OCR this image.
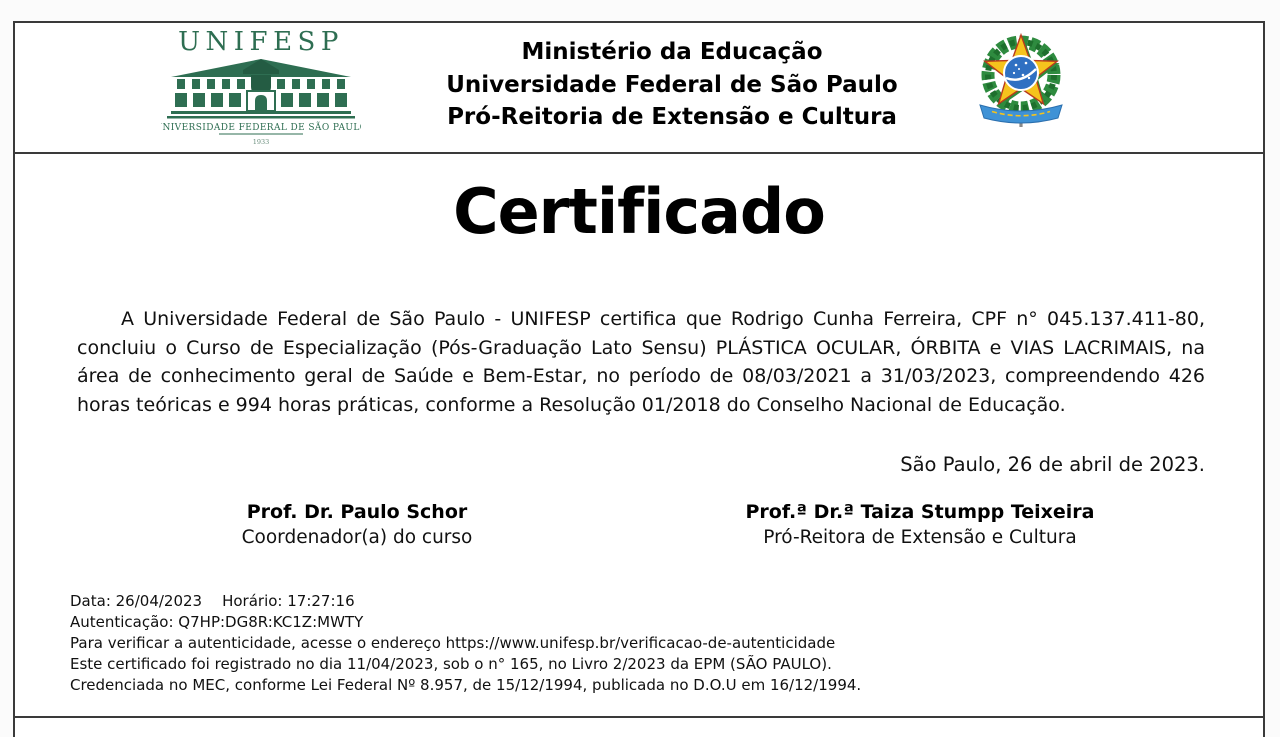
UNIFESP
UNIVERSIDADE FEDERAL DE SÃO PAULO
1933
Ministério da Educação
Universidade Federal de São Paulo
Pró-Reitoria de Extensão e Cultura
Certificado

A Universidade Federal de São Paulo - UNIFESP certifica que Rodrigo Cunha Ferreira, CPF n° 045.137.411-80, concluiu o Curso de Especialização (Pós-Graduação Lato Sensu) PLÁSTICA OCULAR, ÓRBITA e VIAS LACRIMAIS, na área de conhecimento geral de Saúde e Bem-Estar, no período de 08/03/2021 a 31/03/2023, compreendendo 426 horas teóricas e 994 horas práticas, conforme a Resolução 01/2018 do Conselho Nacional de Educação.

São Paulo, 26 de abril de 2023.
Prof. Dr. Paulo Schor
Coordenador(a) do curso
Prof.ª Dr.ª Taiza Stumpp Teixeira
Pró-Reitora de Extensão e Cultura
Data: 26/04/2023 Horário: 17:27:16
Autenticação: Q7HP:DG8R:KC1Z:MWTY
Para verificar a autenticidade, acesse o endereço https://www.unifesp.br/verificacao-de-autenticidade
Este certificado foi registrado no dia 11/04/2023, sob o n° 165, no Livro 2/2023 da EPM (SÃO PAULO).
Credenciada no MEC, conforme Lei Federal Nº 8.957, de 15/12/1994, publicada no D.O.U em 16/12/1994.
